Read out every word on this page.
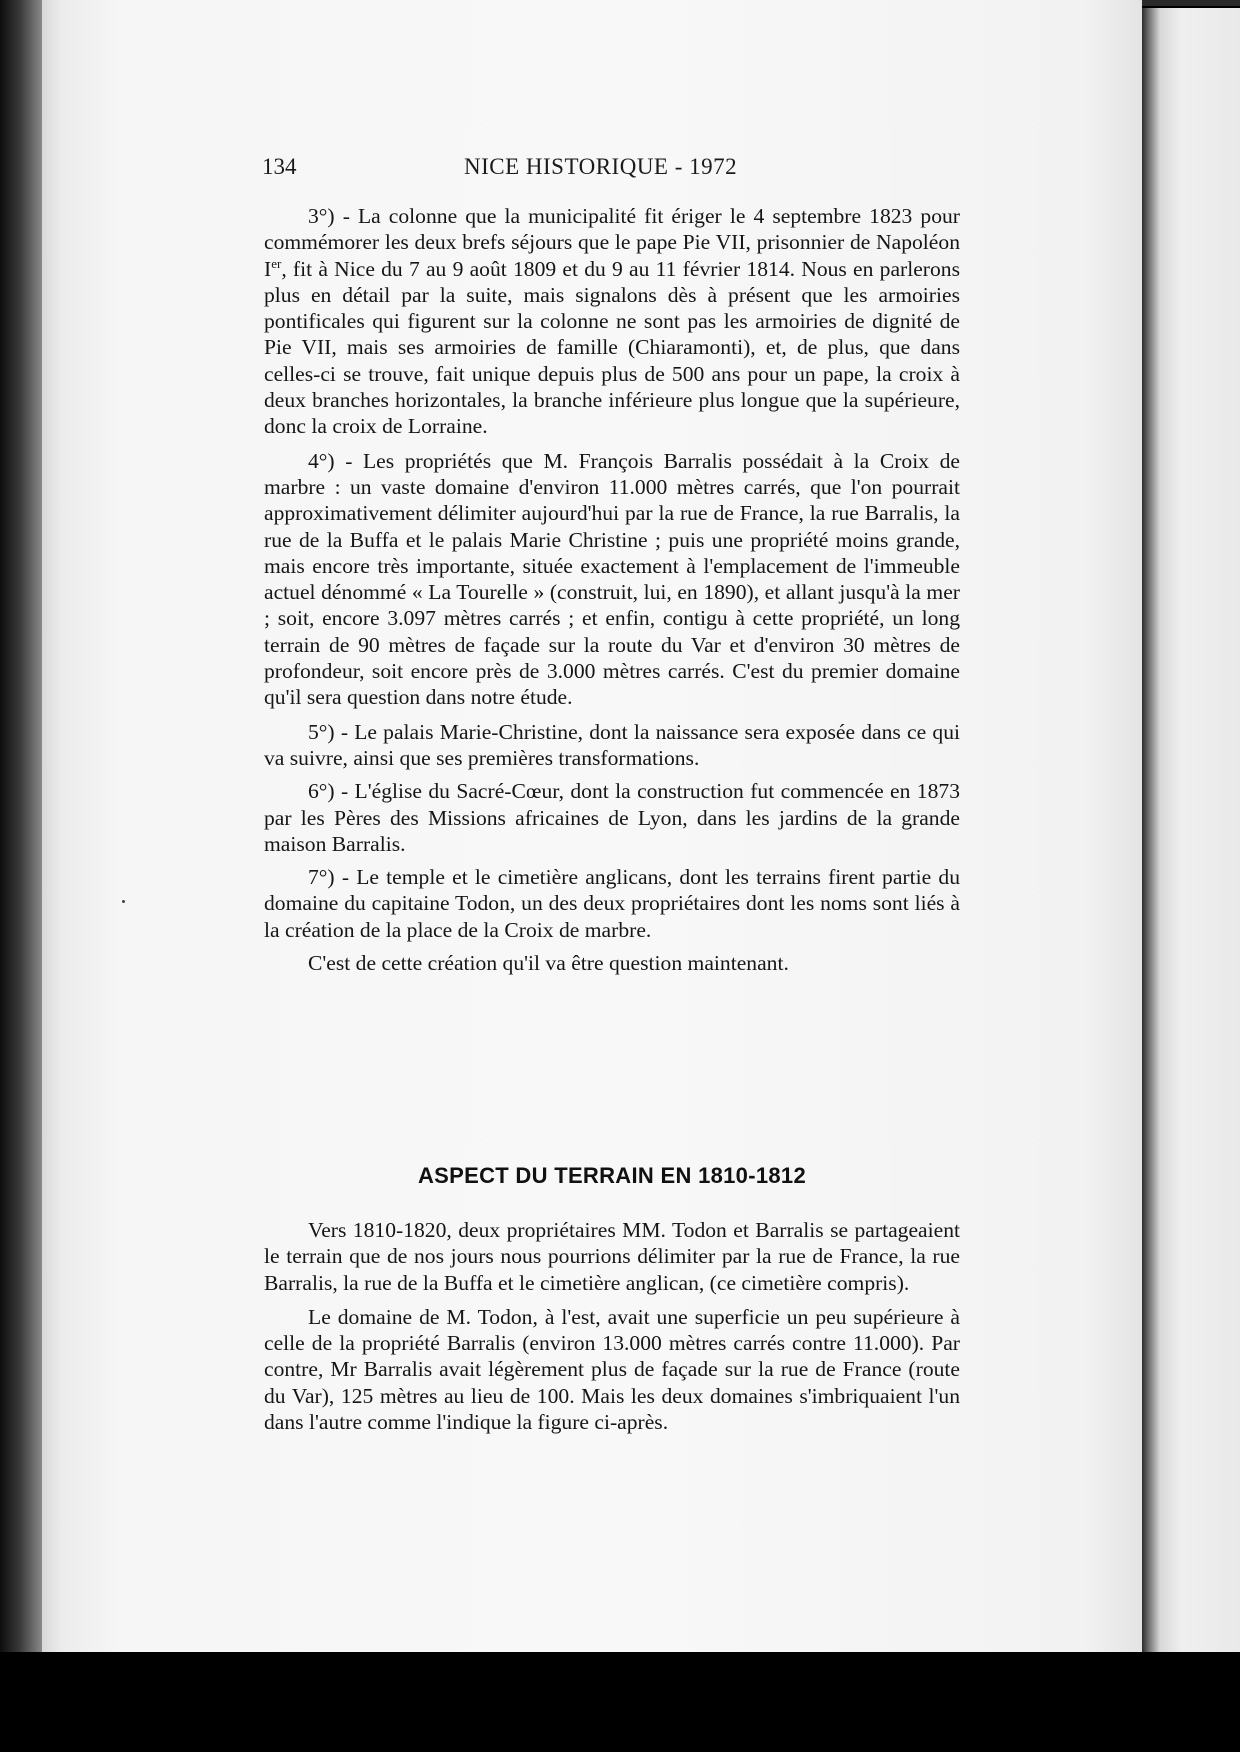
134	NICE HISTORIQUE - 1972

3°) - La colonne que la municipalité fit ériger le 4 septembre 1823 pour commémorer les deux brefs séjours que le pape Pie VII, prisonnier de Napoléon Ier, fit à Nice du 7 au 9 août 1809 et du 9 au 11 février 1814. Nous en parlerons plus en détail par la suite, mais signalons dès à présent que les armoiries pontificales qui figurent sur la colonne ne sont pas les armoiries de dignité de Pie VII, mais ses armoiries de famille (Chiaramonti), et, de plus, que dans celles-ci se trouve, fait unique depuis plus de 500 ans pour un pape, la croix à deux branches horizontales, la branche inférieure plus longue que la supérieure, donc la croix de Lorraine.

4°) - Les propriétés que M. François Barralis possédait à la Croix de marbre : un vaste domaine d'environ 11.000 mètres carrés, que l'on pourrait approximativement délimiter aujourd'hui par la rue de France, la rue Barralis, la rue de la Buffa et le palais Marie Christine ; puis une propriété moins grande, mais encore très importante, située exactement à l'emplacement de l'immeuble actuel dénommé « La Tourelle » (construit, lui, en 1890), et allant jusqu'à la mer ; soit, encore 3.097 mètres carrés ; et enfin, contigu à cette propriété, un long terrain de 90 mètres de façade sur la route du Var et d'environ 30 mètres de profondeur, soit encore près de 3.000 mètres carrés. C'est du premier domaine qu'il sera question dans notre étude.

5°) - Le palais Marie-Christine, dont la naissance sera exposée dans ce qui va suivre, ainsi que ses premières transformations.

6°) - L'église du Sacré-Cœur, dont la construction fut commencée en 1873 par les Pères des Missions africaines de Lyon, dans les jardins de la grande maison Barralis.

7°) - Le temple et le cimetière anglicans, dont les terrains firent partie du domaine du capitaine Todon, un des deux propriétaires dont les noms sont liés à la création de la place de la Croix de marbre.

C'est de cette création qu'il va être question maintenant.

ASPECT DU TERRAIN EN 1810-1812

Vers 1810-1820, deux propriétaires MM. Todon et Barralis se partageaient le terrain que de nos jours nous pourrions délimiter par la rue de France, la rue Barralis, la rue de la Buffa et le cimetière anglican, (ce cimetière compris).

Le domaine de M. Todon, à l'est, avait une superficie un peu supérieure à celle de la propriété Barralis (environ 13.000 mètres carrés contre 11.000). Par contre, Mr Barralis avait légèrement plus de façade sur la rue de France (route du Var), 125 mètres au lieu de 100. Mais les deux domaines s'imbriquaient l'un dans l'autre comme l'indique la figure ci-après.
